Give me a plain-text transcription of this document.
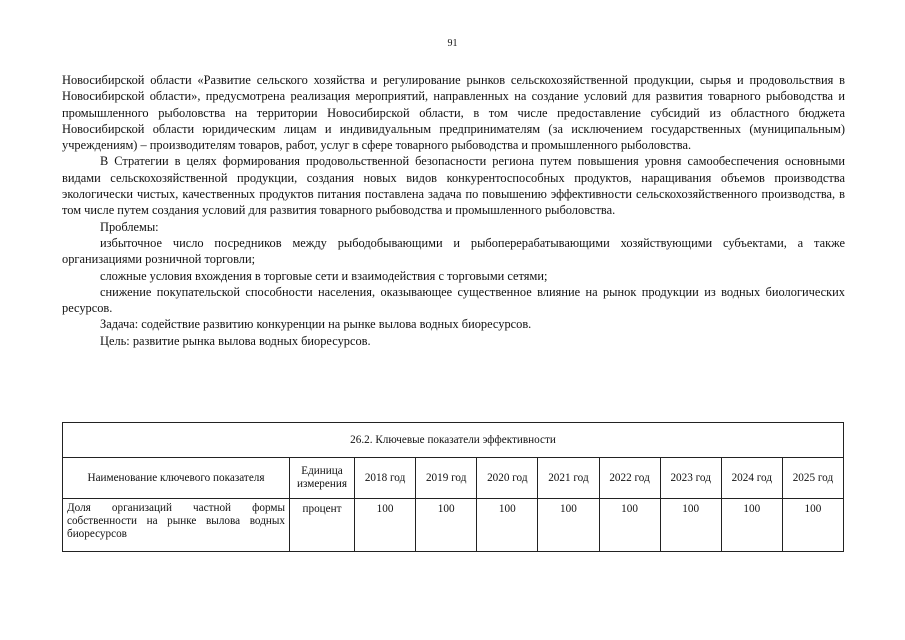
91

Новосибирской области «Развитие сельского хозяйства и регулирование рынков сельскохозяйственной продукции, сырья и продовольствия в Новосибирской области», предусмотрена реализация мероприятий, направленных на создание условий для развития товарного рыбоводства и промышленного рыболовства на территории Новосибирской области, в том числе предоставление субсидий из областного бюджета Новосибирской области юридическим лицам и индивидуальным предпринимателям (за исключением государственных (муниципальным) учреждениям) – производителям товаров, работ, услуг в сфере товарного рыбоводства и промышленного рыболовства.

В Стратегии в целях формирования продовольственной безопасности региона путем повышения уровня самообеспечения основными видами сельскохозяйственной продукции, создания новых видов конкурентоспособных продуктов, наращивания объемов производства экологически чистых, качественных продуктов питания поставлена задача по повышению эффективности сельскохозяйственного производства, в том числе путем создания условий для развития товарного рыбоводства и промышленного рыболовства.

Проблемы:

избыточное число посредников между рыбодобывающими и рыбоперерабатывающими хозяйствующими субъектами, а также организациями розничной торговли;

сложные условия вхождения в торговые сети и взаимодействия с торговыми сетями;

снижение покупательской способности населения, оказывающее существенное влияние на рынок продукции из водных биологических ресурсов.

Задача: содействие развитию конкуренции на рынке вылова водных биоресурсов.

Цель: развитие рынка вылова водных биоресурсов.

26.2. Ключевые показатели эффективности									
Наименование ключевого показателя	Единица измерения	2018 год	2019 год	2020 год	2021 год	2022 год	2023 год	2024 год	2025 год
Доля организаций частной формы собственности на рынке вылова водных биоресурсов	процент	100	100	100	100	100	100	100	100
